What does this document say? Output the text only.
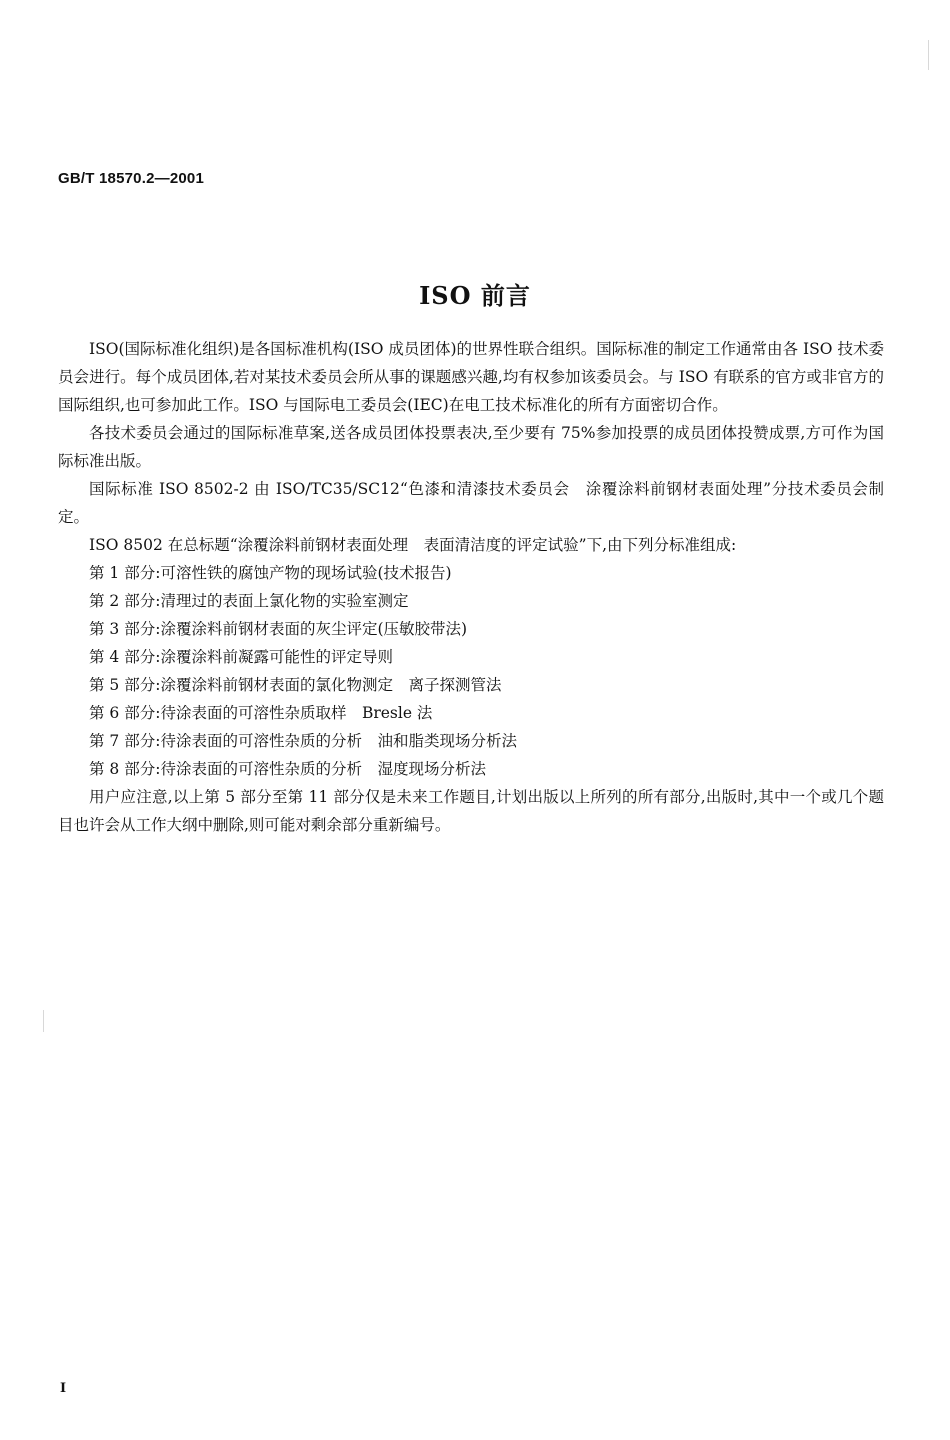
GB/T 18570.2—2001
ISO 前言

ISO(国际标准化组织)是各国标准机构(ISO 成员团体)的世界性联合组织。国际标准的制定工作通常由各 ISO 技术委员会进行。每个成员团体,若对某技术委员会所从事的课题感兴趣,均有权参加该委员会。与 ISO 有联系的官方或非官方的国际组织,也可参加此工作。ISO 与国际电工委员会(IEC)在电工技术标准化的所有方面密切合作。

各技术委员会通过的国际标准草案,送各成员团体投票表决,至少要有 75%参加投票的成员团体投赞成票,方可作为国际标准出版。

国际标准 ISO 8502-2 由 ISO/TC35/SC12“色漆和清漆技术委员会　涂覆涂料前钢材表面处理”分技术委员会制定。

ISO 8502 在总标题“涂覆涂料前钢材表面处理　表面清洁度的评定试验”下,由下列分标准组成:

第 1 部分:可溶性铁的腐蚀产物的现场试验(技术报告)
第 2 部分:清理过的表面上氯化物的实验室测定
第 3 部分:涂覆涂料前钢材表面的灰尘评定(压敏胶带法)
第 4 部分:涂覆涂料前凝露可能性的评定导则
第 5 部分:涂覆涂料前钢材表面的氯化物测定　离子探测管法
第 6 部分:待涂表面的可溶性杂质取样　Bresle 法
第 7 部分:待涂表面的可溶性杂质的分析　油和脂类现场分析法
第 8 部分:待涂表面的可溶性杂质的分析　湿度现场分析法

用户应注意,以上第 5 部分至第 11 部分仅是未来工作题目,计划出版以上所列的所有部分,出版时,其中一个或几个题目也许会从工作大纲中删除,则可能对剩余部分重新编号。

I
